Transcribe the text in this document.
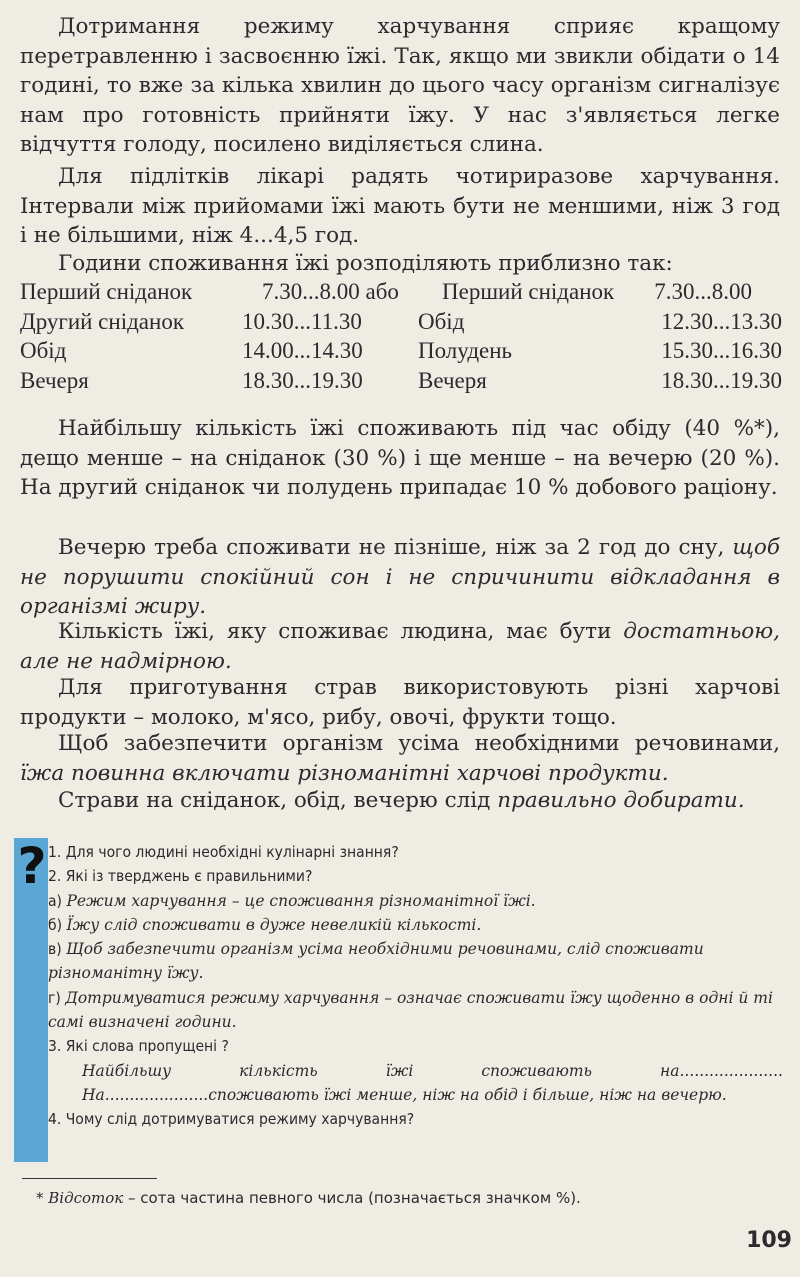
Дотримання режиму харчування сприяє кращому перетравленню і засвоєнню їжі. Так, якщо ми звикли обідати о 14 годині, то вже за кілька хвилин до цього часу організм сигналізує нам про готовність прийняти їжу. У нас з'являється легке відчуття голоду, посилено виділяється слина.

Для підлітків лікарі радять чотириразове харчування. Інтервали між прийомами їжі мають бути не меншими, ніж 3 год і не більшими, ніж 4...4,5 год.

Години споживання їжі розподіляють приблизно так:

Перший сніданок	7.30...8.00 або Перший сніданок 7.30...8.00
Другий сніданок	10.30...11.30 Обід	12.30...13.30
Обід	14.00...14.30 Полудень	15.30...16.30
Вечеря	18.30...19.30 Вечеря	18.30...19.30

Найбільшу кількість їжі споживають під час обіду (40 %*), дещо менше – на сніданок (30 %) і ще менше – на вечерю (20 %). На другий сніданок чи полудень припадає 10 % добового раціону.

Вечерю треба споживати не пізніше, ніж за 2 год до сну, щоб не порушити спокійний сон і не спричинити відкладання в організмі жиру.

Кількість їжі, яку споживає людина, має бути достатньою, але не надмірною.

Для приготування страв використовують різні харчові продукти – молоко, м'ясо, рибу, овочі, фрукти тощо.

Щоб забезпечити організм усіма необхідними речовинами, їжа повинна включати різноманітні харчові продукти.

Страви на сніданок, обід, вечерю слід правильно добирати.

? 1. Для чого людині необхідні кулінарні знання?
2. Які із тверджень є правильними?
а) Режим харчування – це споживання різноманітної їжі.
б) Їжу слід споживати в дуже невеликій кількості.
в) Щоб забезпечити організм усіма необхідними речовинами, слід споживати різноманітну їжу.
г) Дотримуватися режиму харчування – означає споживати їжу щоденно в одні й ті самі визначені години.
3. Які слова пропущені ?
Найбільшу	кількість	їжі	споживають	на.....................
На.....................споживають їжі менше, ніж на обід і більше, ніж на вечерю.
4. Чому слід дотримуватися режиму харчування?
* Відсоток – сота частина певного числа (позначається значком %).
109
